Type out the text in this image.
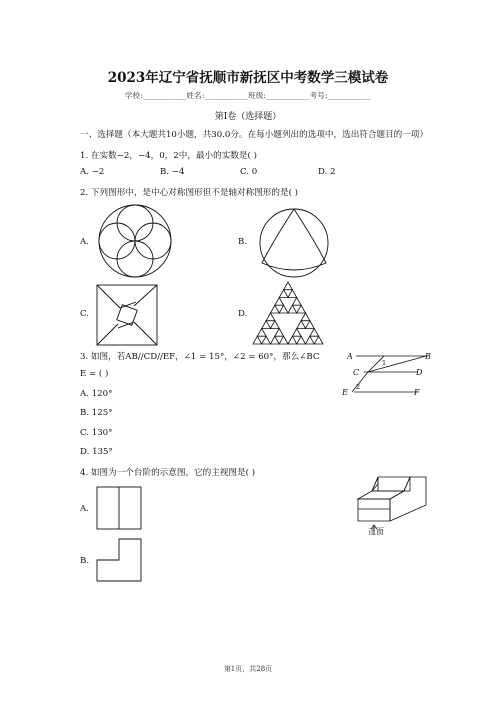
2023年辽宁省抚顺市新抚区中考数学三模试卷
学校:___________姓名:___________班级:___________考号:___________
第I卷（选择题）
一、选择题（本大题共10小题，共30.0分。在每小题列出的选项中，选出符合题目的一项）
1. 在实数−2，−4，0，2中，最小的实数是( )
A. −2	B. −4	C. 0	D. 2
2. 下列图形中，是中心对称图形但不是轴对称图形的是( )
A.	B.
C.	D.
3. 如图，若AB//CD//EF，∠1 = 15°，∠2 = 60°，那么∠BC
E = ( )
A. 120°
B. 125°
C. 130°
D. 135°
A	B
C	D
E	F
1
2
4. 如图为一个台阶的示意图，它的主视图是( )
正面
A.
B.
第1页，共28页
